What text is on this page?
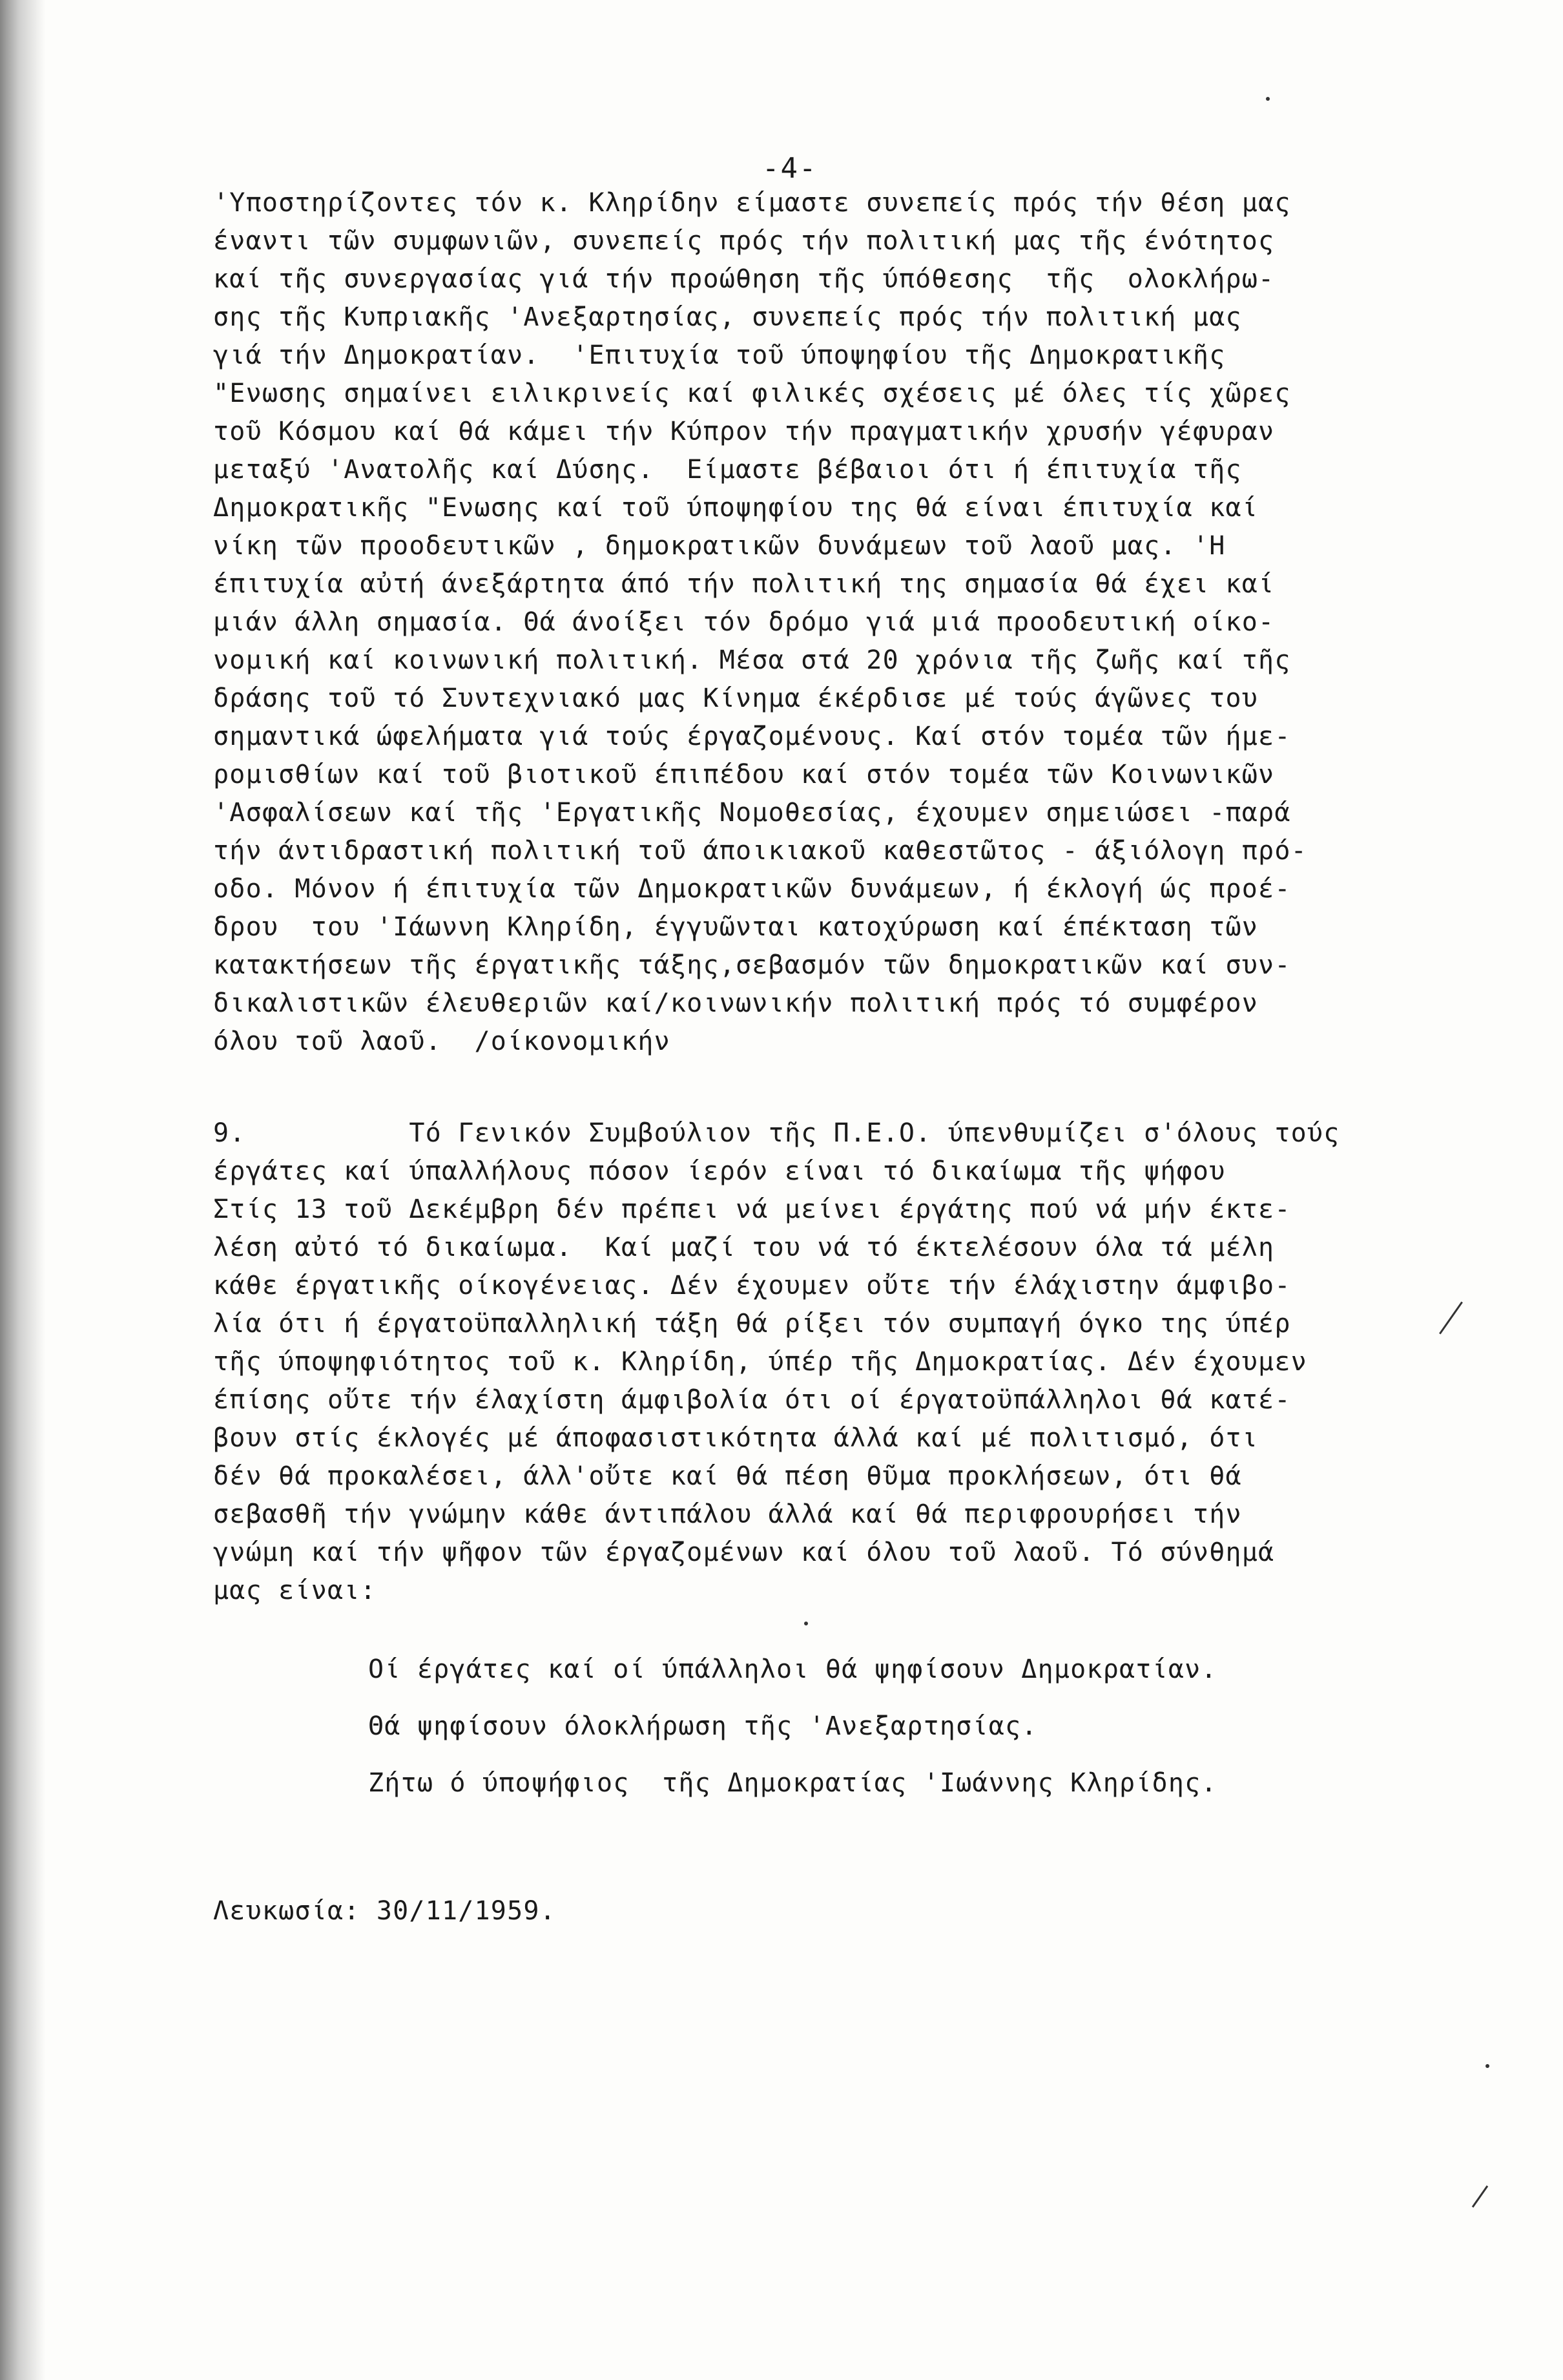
-4-
'Υποστηρίζοντες τόν κ. Κληρίδην είμαστε συνεπείς πρός τήν θέση μας
έναντι τῶν συμφωνιῶν, συνεπείς πρός τήν πολιτική μας τῆς ένότητος
καί τῆς συνεργασίας γιά τήν προώθηση τῆς ύπόθεσης  τῆς  ολοκλήρω-
σης τῆς Κυπριακῆς 'Ανεξαρτησίας, συνεπείς πρός τήν πολιτική μας
γιά τήν Δημοκρατίαν.  'Επιτυχία τοῦ ύποψηφίου τῆς Δημοκρατικῆς
"Ενωσης σημαίνει ειλικρινείς καί φιλικές σχέσεις μέ όλες τίς χῶρες
τοῦ Κόσμου καί θά κάμει τήν Κύπρον τήν πραγματικήν χρυσήν γέφυραν
μεταξύ 'Ανατολῆς καί Δύσης.  Είμαστε βέβαιοι ότι ή έπιτυχία τῆς
Δημοκρατικῆς "Ενωσης καί τοῦ ύποψηφίου της θά είναι έπιτυχία καί
νίκη τῶν προοδευτικῶν , δημοκρατικῶν δυνάμεων τοῦ λαοῦ μας. 'Η
έπιτυχία αὐτή άνεξάρτητα άπό τήν πολιτική της σημασία θά έχει καί
μιάν άλλη σημασία. Θά άνοίξει τόν δρόμο γιά μιά προοδευτική οίκο-
νομική καί κοινωνική πολιτική. Μέσα στά 20 χρόνια τῆς ζωῆς καί τῆς
δράσης τοῦ τό Συντεχνιακό μας Κίνημα έκέρδισε μέ τούς άγῶνες του
σημαντικά ώφελήματα γιά τούς έργαζομένους. Καί στόν τομέα τῶν ήμε-
ρομισθίων καί τοῦ βιοτικοῦ έπιπέδου καί στόν τομέα τῶν Κοινωνικῶν
'Ασφαλίσεων καί τῆς 'Εργατικῆς Νομοθεσίας, έχουμεν σημειώσει -παρά
τήν άντιδραστική πολιτική τοῦ άποικιακοῦ καθεστῶτος - άξιόλογη πρό-
οδο. Μόνον ή έπιτυχία τῶν Δημοκρατικῶν δυνάμεων, ή έκλογή ώς προέ-
δρου  του 'Ιάωννη Κληρίδη, έγγυῶνται κατοχύρωση καί έπέκταση τῶν
κατακτήσεων τῆς έργατικῆς τάξης,σεβασμόν τῶν δημοκρατικῶν καί συν-
δικαλιστικῶν έλευθεριῶν καί/κοινωνικήν πολιτική πρός τό συμφέρον
όλου τοῦ λαοῦ.  /οίκονομικήν
9.          Τό Γενικόν Συμβούλιον τῆς Π.Ε.Ο. ύπενθυμίζει σ'όλους τούς
έργάτες καί ύπαλλήλους πόσον ίερόν είναι τό δικαίωμα τῆς ψήφου
Στίς 13 τοῦ Δεκέμβρη δέν πρέπει νά μείνει έργάτης πού νά μήν έκτε-
λέση αὐτό τό δικαίωμα.  Καί μαζί του νά τό έκτελέσουν όλα τά μέλη
κάθε έργατικῆς οίκογένειας. Δέν έχουμεν οὔτε τήν έλάχιστην άμφιβο-
λία ότι ή έργατοϋπαλληλική τάξη θά ρίξει τόν συμπαγή όγκο της ύπέρ
τῆς ύποψηφιότητος τοῦ κ. Κληρίδη, ύπέρ τῆς Δημοκρατίας. Δέν έχουμεν
έπίσης οὔτε τήν έλαχίστη άμφιβολία ότι οί έργατοϋπάλληλοι θά κατέ-
βουν στίς έκλογές μέ άποφασιστικότητα άλλά καί μέ πολιτισμό, ότι
δέν θά προκαλέσει, άλλ'οὔτε καί θά πέση θῦμα προκλήσεων, ότι θά
σεβασθῆ τήν γνώμην κάθε άντιπάλου άλλά καί θά περιφρουρήσει τήν
γνώμη καί τήν ψῆφον τῶν έργαζομένων καί όλου τοῦ λαοῦ. Τό σύνθημά
μας είναι:
Οί έργάτες καί οί ύπάλληλοι θά ψηφίσουν Δημοκρατίαν.
Θά ψηφίσουν όλοκλήρωση τῆς 'Ανεξαρτησίας.
Ζήτω ό ύποψήφιος  τῆς Δημοκρατίας 'Ιωάννης Κληρίδης.
Λευκωσία: 30/11/1959.
